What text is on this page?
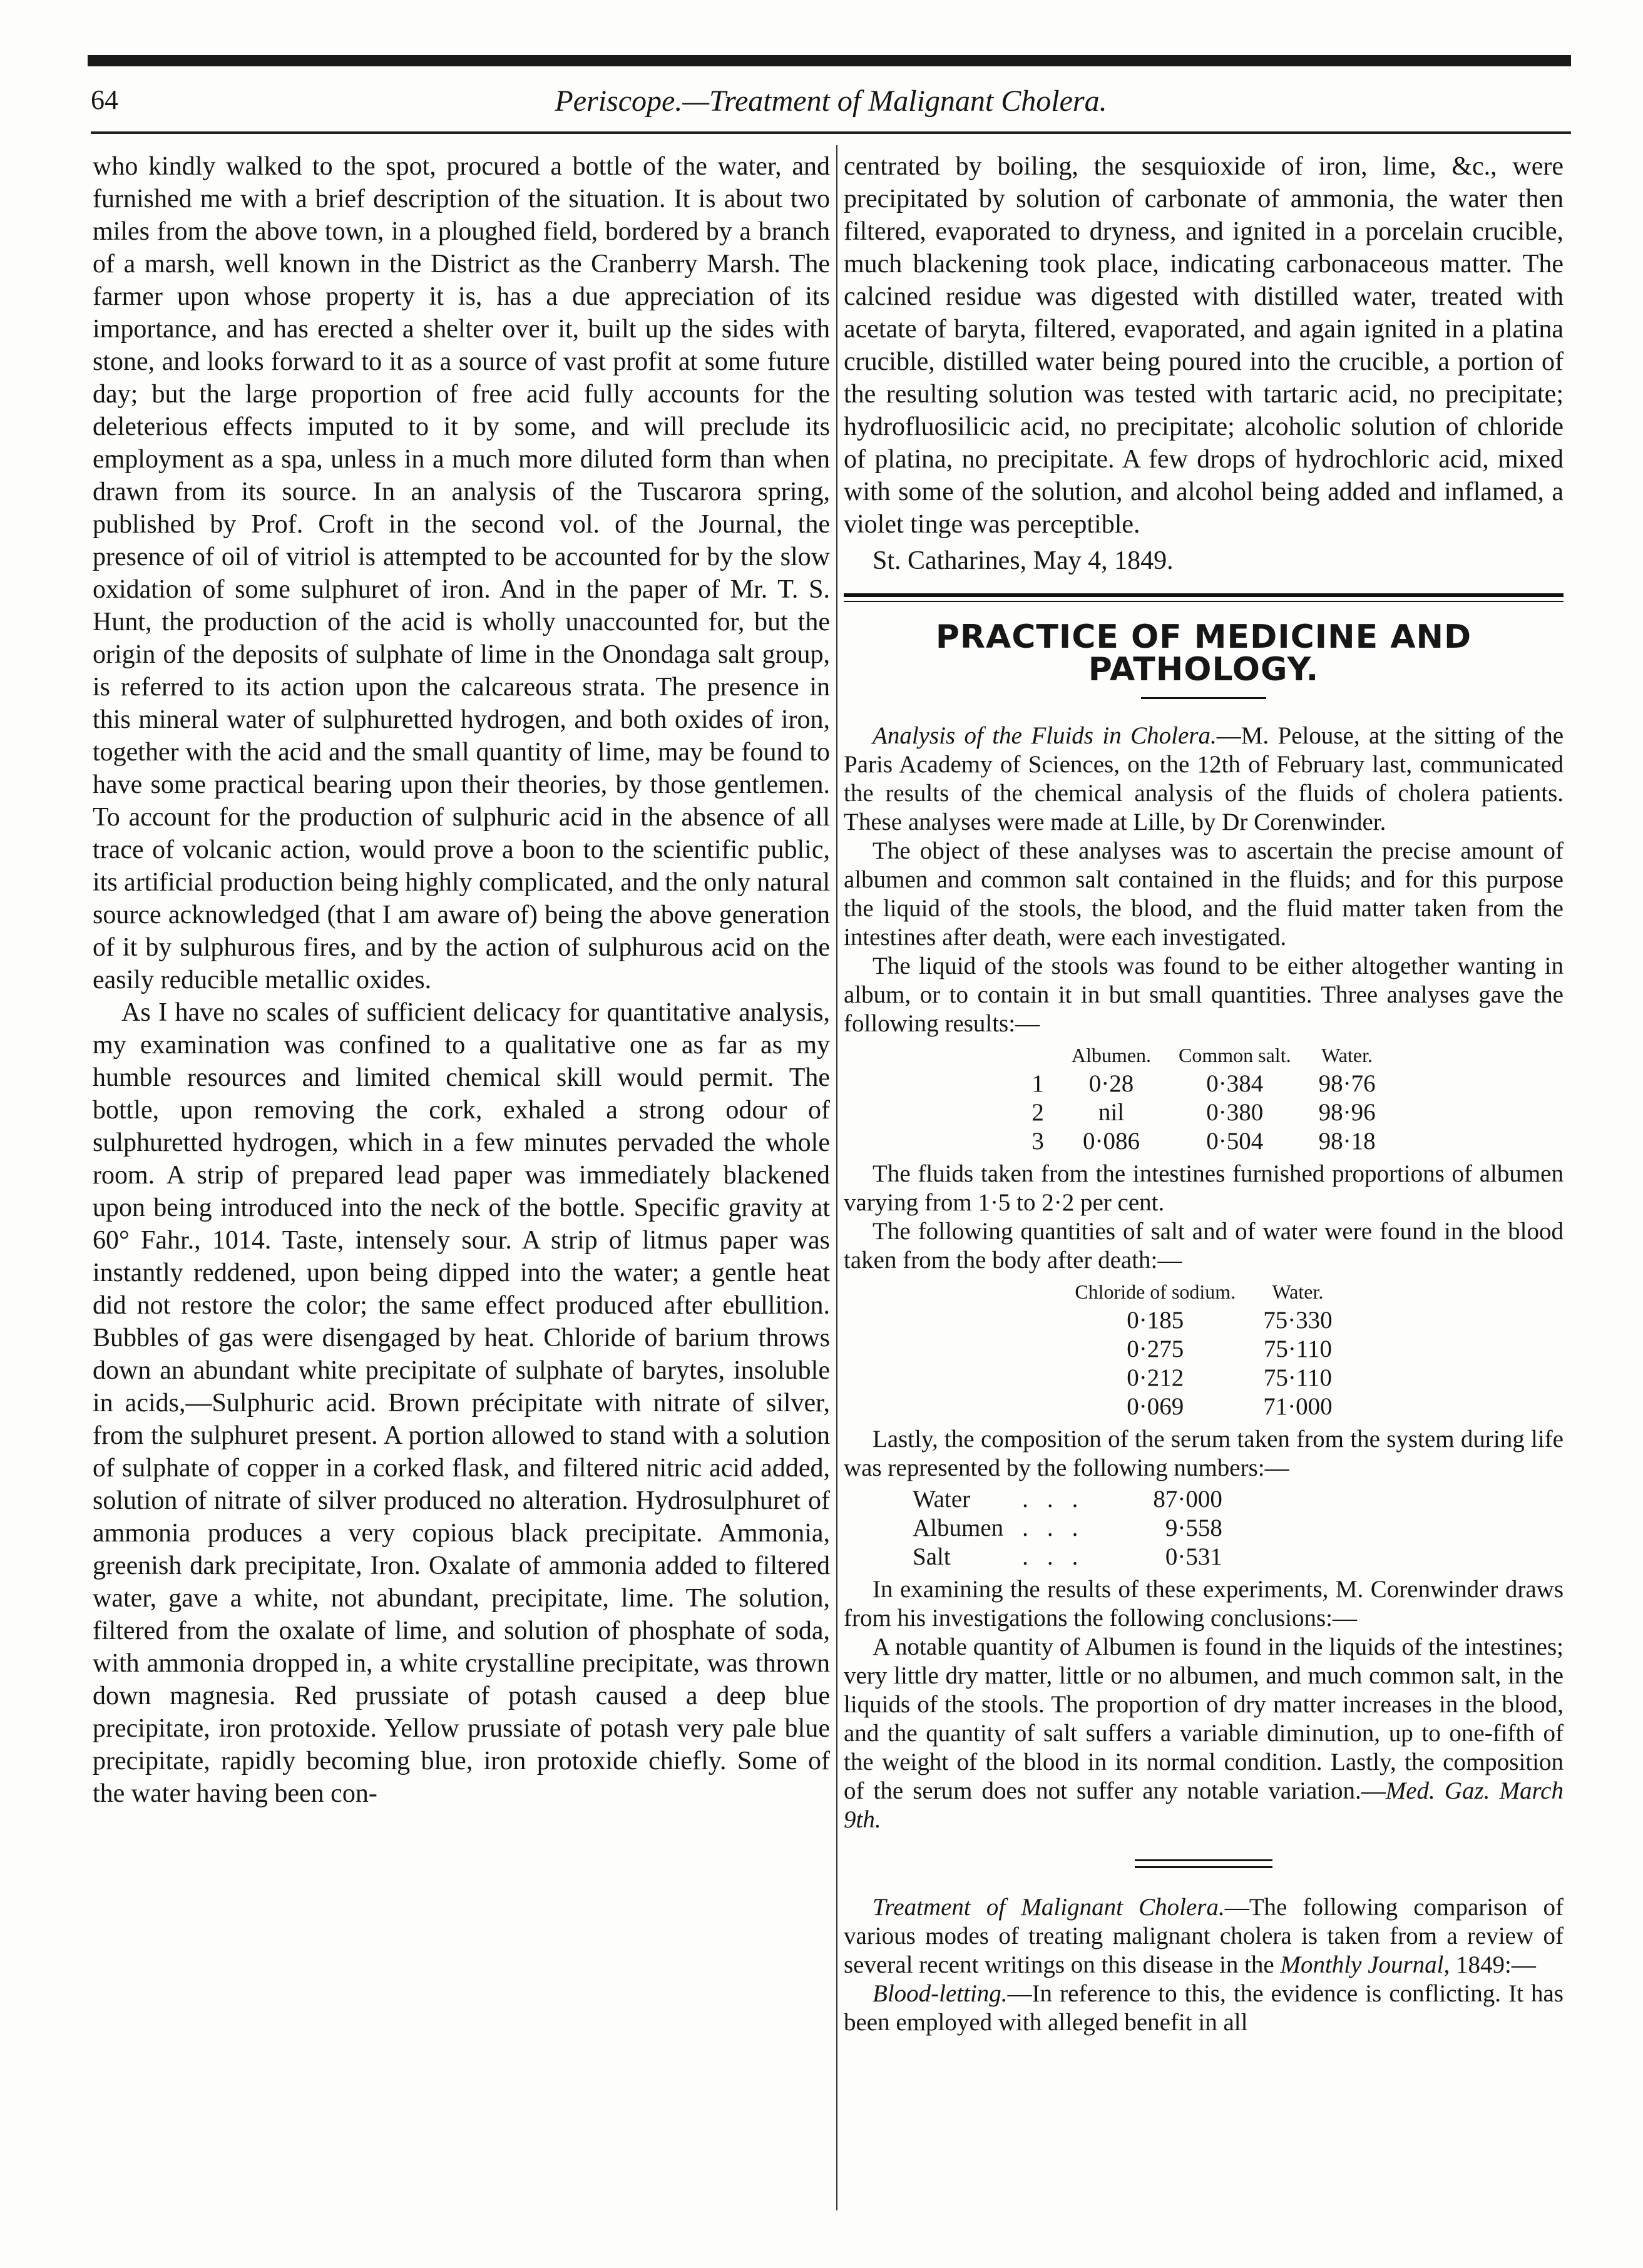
64	Periscope.—Treatment of Malignant Cholera.

who kindly walked to the spot, procured a bottle of the water, and furnished me with a brief description of the situation. It is about two miles from the above town, in a ploughed field, bordered by a branch of a marsh, well known in the District as the Cranberry Marsh. The farmer upon whose property it is, has a due appreciation of its importance, and has erected a shelter over it, built up the sides with stone, and looks forward to it as a source of vast profit at some future day; but the large proportion of free acid fully accounts for the deleterious effects imputed to it by some, and will preclude its employment as a spa, unless in a much more diluted form than when drawn from its source. In an analysis of the Tuscarora spring, published by Prof. Croft in the second vol. of the Journal, the presence of oil of vitriol is attempted to be accounted for by the slow oxidation of some sulphuret of iron. And in the paper of Mr. T. S. Hunt, the production of the acid is wholly unaccounted for, but the origin of the deposits of sulphate of lime in the Onondaga salt group, is referred to its action upon the calcareous strata. The presence in this mineral water of sulphuretted hydrogen, and both oxides of iron, together with the acid and the small quantity of lime, may be found to have some practical bearing upon their theories, by those gentlemen. To account for the production of sulphuric acid in the absence of all trace of volcanic action, would prove a boon to the scientific public, its artificial production being highly complicated, and the only natural source acknowledged (that I am aware of) being the above generation of it by sulphurous fires, and by the action of sulphurous acid on the easily reducible metallic oxides.

As I have no scales of sufficient delicacy for quantitative analysis, my examination was confined to a qualitative one as far as my humble resources and limited chemical skill would permit. The bottle, upon removing the cork, exhaled a strong odour of sulphuretted hydrogen, which in a few minutes pervaded the whole room. A strip of prepared lead paper was immediately blackened upon being introduced into the neck of the bottle. Specific gravity at 60° Fahr., 1014. Taste, intensely sour. A strip of litmus paper was instantly reddened, upon being dipped into the water; a gentle heat did not restore the color; the same effect produced after ebullition. Bubbles of gas were disengaged by heat. Chloride of barium throws down an abundant white precipitate of sulphate of barytes, insoluble in acids,—Sulphuric acid. Brown précipitate with nitrate of silver, from the sulphuret present. A portion allowed to stand with a solution of sulphate of copper in a corked flask, and filtered nitric acid added, solution of nitrate of silver produced no alteration. Hydrosulphuret of ammonia produces a very copious black precipitate. Ammonia, greenish dark precipitate, Iron. Oxalate of ammonia added to filtered water, gave a white, not abundant, precipitate, lime. The solution, filtered from the oxalate of lime, and solution of phosphate of soda, with ammonia dropped in, a white crystalline precipitate, was thrown down magnesia. Red prussiate of potash caused a deep blue precipitate, iron protoxide. Yellow prussiate of potash very pale blue precipitate, rapidly becoming blue, iron protoxide chiefly. Some of the water having been con-

centrated by boiling, the sesquioxide of iron, lime, &c., were precipitated by solution of carbonate of ammonia, the water then filtered, evaporated to dryness, and ignited in a porcelain crucible, much blackening took place, indicating carbonaceous matter. The calcined residue was digested with distilled water, treated with acetate of baryta, filtered, evaporated, and again ignited in a platina crucible, distilled water being poured into the crucible, a portion of the resulting solution was tested with tartaric acid, no precipitate; hydrofluosilicic acid, no precipitate; alcoholic solution of chloride of platina, no precipitate. A few drops of hydrochloric acid, mixed with some of the solution, and alcohol being added and inflamed, a violet tinge was perceptible.

St. Catharines, May 4, 1849.

PRACTICE OF MEDICINE AND PATHOLOGY.

Analysis of the Fluids in Cholera.—M. Pelouse, at the sitting of the Paris Academy of Sciences, on the 12th of February last, communicated the results of the chemical analysis of the fluids of cholera patients. These analyses were made at Lille, by Dr Corenwinder.

The object of these analyses was to ascertain the precise amount of albumen and common salt contained in the fluids; and for this purpose the liquid of the stools, the blood, and the fluid matter taken from the intestines after death, were each investigated.

The liquid of the stools was found to be either altogether wanting in album, or to contain it in but small quantities. Three analyses gave the following results:—

	Albumen.	Common salt.	Water.
1	0·28	0·384	98·76
2	nil	0·380	98·96
3	0·086	0·504	98·18

The fluids taken from the intestines furnished proportions of albumen varying from 1·5 to 2·2 per cent.

The following quantities of salt and of water were found in the blood taken from the body after death:—

Chloride of sodium.	Water.
0·185	75·330
0·275	75·110
0·212	75·110
0·069	71·000

Lastly, the composition of the serum taken from the system during life was represented by the following numbers:—

Water	...	87·000
Albumen	...	9·558
Salt	...	0·531

In examining the results of these experiments, M. Corenwinder draws from his investigations the following conclusions:—

A notable quantity of Albumen is found in the liquids of the intestines; very little dry matter, little or no albumen, and much common salt, in the liquids of the stools. The proportion of dry matter increases in the blood, and the quantity of salt suffers a variable diminution, up to one-fifth of the weight of the blood in its normal condition. Lastly, the composition of the serum does not suffer any notable variation.—Med. Gaz. March 9th.

Treatment of Malignant Cholera.—The following comparison of various modes of treating malignant cholera is taken from a review of several recent writings on this disease in the Monthly Journal, 1849:—

Blood-letting.—In reference to this, the evidence is conflicting. It has been employed with alleged benefit in all
